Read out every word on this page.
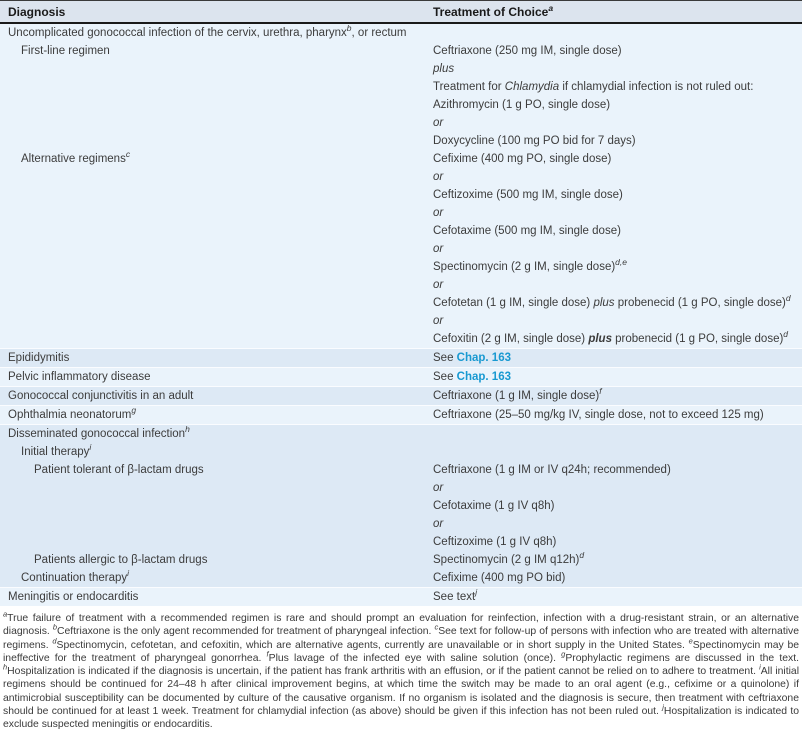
Diagnosis	Treatment of Choice$^a$
Uncomplicated gonococcal infection of the cervix, urethra, pharynx$^b$, or rectum	
First-line regimen	Ceftriaxone (250 mg IM, single dose)
plus
Treatment for Chlamydia if chlamydial infection is not ruled out:
Azithromycin (1 g PO, single dose)
or
Doxycycline (100 mg PO bid for 7 days)

Alternative regimens$^c$	Cefixime (400 mg PO, single dose)
or
Ceftizoxime (500 mg IM, single dose)
or
Cefotaxime (500 mg IM, single dose)
or
Spectinomycin (2 g IM, single dose)$^{d,e}$
or
Cefotetan (1 g IM, single dose) plus probenecid (1 g PO, single dose)$^d$
or
Cefoxitin (2 g IM, single dose) plus probenecid (1 g PO, single dose)$^d$

Epididymitis	See Chap. 163

Pelvic inflammatory disease	See Chap. 163

Gonococcal conjunctivitis in an adult	Ceftriaxone (1 g IM, single dose)$^f$

Ophthalmia neonatorum$^g$	Ceftriaxone (25–50 mg/kg IV, single dose, not to exceed 125 mg)

Disseminated gonococcal infection$^h$	
Initial therapy$^i$	
Patient tolerant of β-lactam drugs	Ceftriaxone (1 g IM or IV q24h; recommended)
or
Cefotaxime (1 g IV q8h)
or
Ceftizoxime (1 g IV q8h)

Patients allergic to β-lactam drugs	Spectinomycin (2 g IM q12h)$^d$

Continuation therapy$^i$	Cefixime (400 mg PO bid)

Meningitis or endocarditis	See text$^j$

$^a$True failure of treatment with a recommended regimen is rare and should prompt an evaluation for reinfection, infection with a drug-resistant strain, or an alternative diagnosis. $^b$Ceftriaxone is the only agent recommended for treatment of pharyngeal infection. $^c$See text for follow-up of persons with infection who are treated with alternative regimens. $^d$Spectinomycin, cefotetan, and cefoxitin, which are alternative agents, currently are unavailable or in short supply in the United States. $^e$Spectinomycin may be ineffective for the treatment of pharyngeal gonorrhea. $^f$Plus lavage of the infected eye with saline solution (once). $^g$Prophylactic regimens are discussed in the text. $^h$Hospitalization is indicated if the diagnosis is uncertain, if the patient has frank arthritis with an effusion, or if the patient cannot be relied on to adhere to treatment. $^i$All initial regimens should be continued for 24–48 h after clinical improvement begins, at which time the switch may be made to an oral agent (e.g., cefixime or a quinolone) if antimicrobial susceptibility can be documented by culture of the causative organism. If no organism is isolated and the diagnosis is secure, then treatment with ceftriaxone should be continued for at least 1 week. Treatment for chlamydial infection (as above) should be given if this infection has not been ruled out. $^j$Hospitalization is indicated to exclude suspected meningitis or endocarditis.
